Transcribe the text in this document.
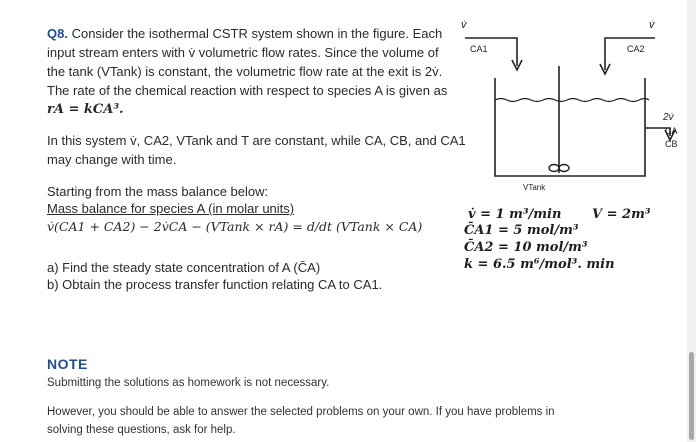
Q8. Consider the isothermal CSTR system shown in the figure. Each
input stream enters with v̇ volumetric flow rates. Since the volume of
the tank (VTank) is constant, the volumetric flow rate at the exit is 2v̇.
The rate of the chemical reaction with respect to species A is given as
rA = kCA³.
In this system v̇, CA2, VTank and T are constant, while CA, CB, and CA1
may change with time.
Starting from the mass balance below:
Mass balance for species A (in molar units)
v̇(CA1 + CA2) − 2v̇CA − (VTank × rA) = d/dt (VTank × CA)
a) Find the steady state concentration of A (C̄A)
b) Obtain the process transfer function relating CA to CA1.
v̇ = 1 m³/min V = 2m³
C̄A1 = 5 mol/m³
C̄A2 = 10 mol/m³
k = 6.5 m⁶/mol³. min
v̇
CA1
v̇
CA2
2v̇
CA
CB
VTank
NOTE
Submitting the solutions as homework is not necessary.
However, you should be able to answer the selected problems on your own. If you have problems in
solving these questions, ask for help.
